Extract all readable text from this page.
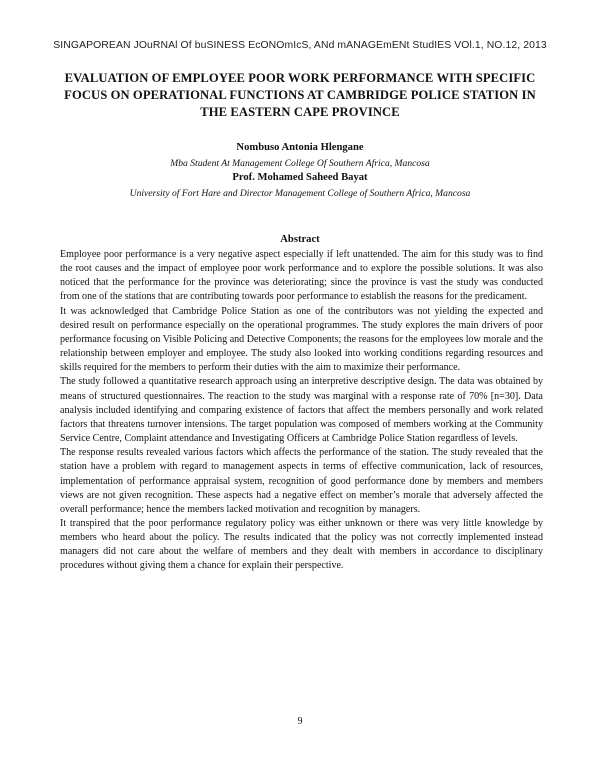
SINGAPOREAN JOuRNAl Of buSINESS EcONOmIcS, ANd mANAGEmENt StudIES VOl.1, NO.12, 2013
EVALUATION OF EMPLOYEE POOR WORK PERFORMANCE WITH SPECIFIC FOCUS ON OPERATIONAL FUNCTIONS AT CAMBRIDGE POLICE STATION IN THE EASTERN CAPE PROVINCE
Nombuso Antonia Hlengane
Mba Student At Management College Of Southern Africa, Mancosa
Prof. Mohamed Saheed Bayat
University of Fort Hare and Director Management College of Southern Africa, Mancosa
Abstract

Employee poor performance is a very negative aspect especially if left unattended. The aim for this study was to find the root causes and the impact of employee poor work performance and to explore the possible solutions. It was also noticed that the performance for the province was deteriorating; since the province is vast the study was conducted from one of the stations that are contributing towards poor performance to establish the reasons for the predicament.

It was acknowledged that Cambridge Police Station as one of the contributors was not yielding the expected and desired result on performance especially on the operational programmes. The study explores the main drivers of poor performance focusing on Visible Policing and Detective Components; the reasons for the employees low morale and the relationship between employer and employee. The study also looked into working conditions regarding resources and skills required for the members to perform their duties with the aim to maximize their performance.

The study followed a quantitative research approach using an interpretive descriptive design. The data was obtained by means of structured questionnaires. The reaction to the study was marginal with a response rate of 70% [n=30]. Data analysis included identifying and comparing existence of factors that affect the members personally and work related factors that threatens turnover intensions. The target population was composed of members working at the Community Service Centre, Complaint attendance and Investigating Officers at Cambridge Police Station regardless of levels.

The response results revealed various factors which affects the performance of the station. The study revealed that the station have a problem with regard to management aspects in terms of effective communication, lack of resources, implementation of performance appraisal system, recognition of good performance done by members and members views are not given recognition. These aspects had a negative effect on member’s morale that adversely affected the overall performance; hence the members lacked motivation and recognition by managers.

It transpired that the poor performance regulatory policy was either unknown or there was very little knowledge by members who heard about the policy. The results indicated that the policy was not correctly implemented instead managers did not care about the welfare of members and they dealt with members in accordance to disciplinary procedures without giving them a chance for explain their perspective.

9
